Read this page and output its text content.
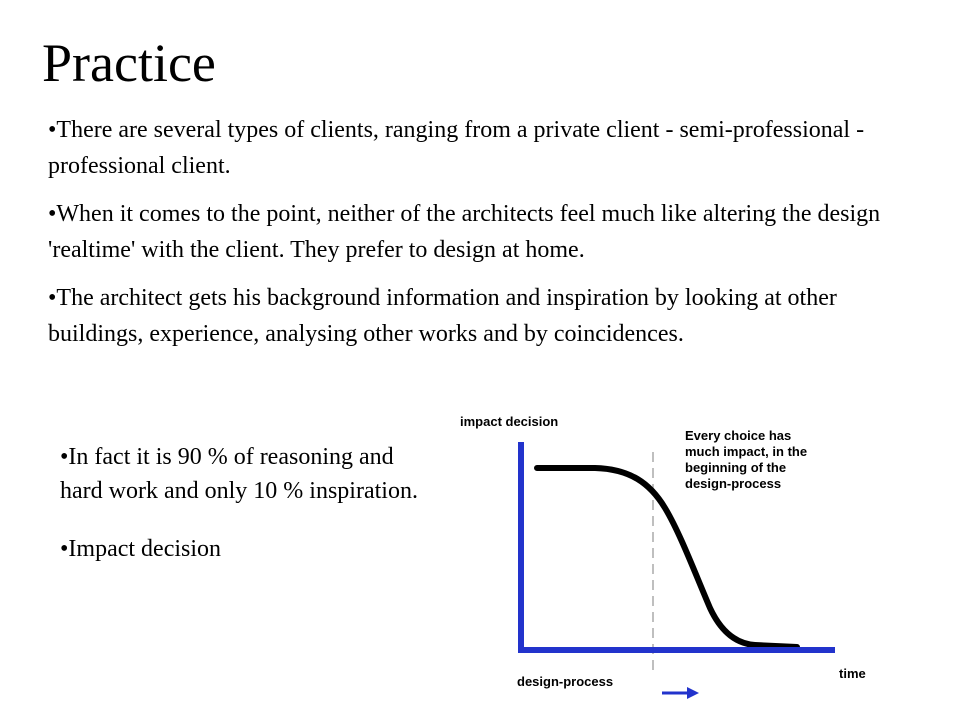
Practice

•There are several types of clients, ranging from a private client - semi-professional - professional client.

•When it comes to the point, neither of the architects feel much like altering the design 'realtime' with the client. They prefer to design at home.

•The architect gets his background information and inspiration by looking at other buildings, experience, analysing other works and by coincidences.

•In fact it is 90 % of reasoning and hard work and only 10 % inspiration.

•Impact decision

impact decision
Every choice has much impact, in the beginning of the design-process
design-process
time
